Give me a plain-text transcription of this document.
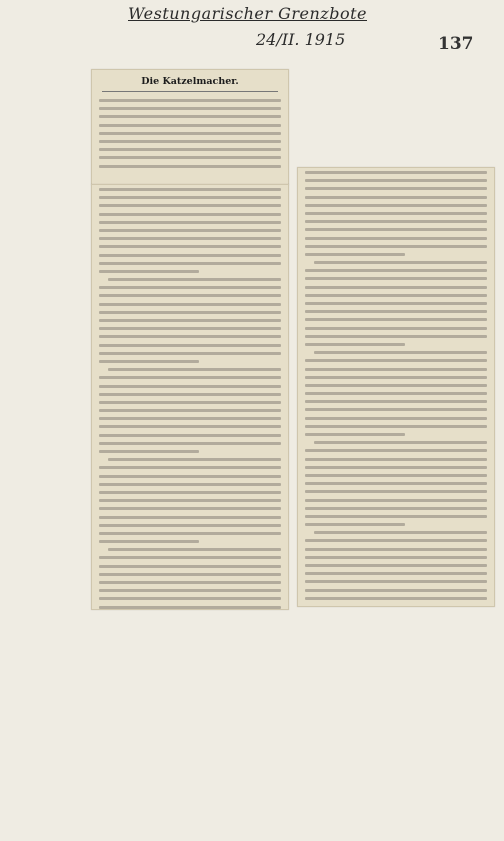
Westungarischer Grenzbote
24/II. 1915	137
Die Katzelmacher.
